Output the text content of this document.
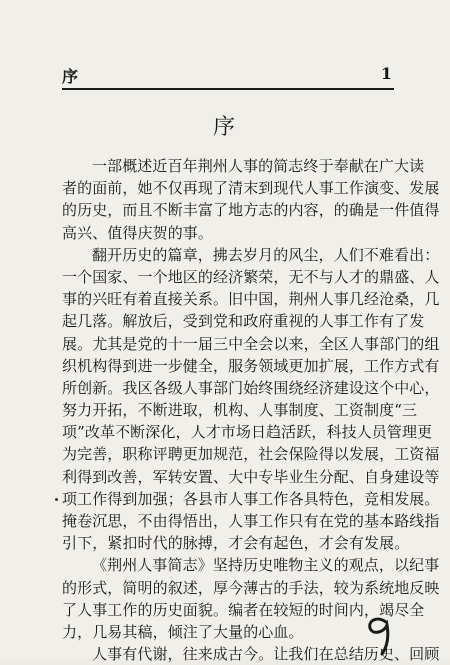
序	1
序
一部概述近百年荆州人事的简志终于奉献在广大读
者的面前，她不仅再现了清末到现代人事工作演变、发展
的历史，而且不断丰富了地方志的内容，的确是一件值得
高兴、值得庆贺的事。
翻开历史的篇章，拂去岁月的风尘，人们不难看出：
一个国家、一个地区的经济繁荣，无不与人才的鼎盛、人
事的兴旺有着直接关系。旧中国，荆州人事几经沧桑，几
起几落。解放后，受到党和政府重视的人事工作有了发
展。尤其是党的十一届三中全会以来，全区人事部门的组
织机构得到进一步健全，服务领域更加扩展，工作方式有
所创新。我区各级人事部门始终围绕经济建设这个中心，
努力开拓，不断进取，机构、人事制度、工资制度“三
项”改革不断深化，人才市场日趋活跃，科技人员管理更
为完善，职称评聘更加规范，社会保险得以发展，工资福
利得到改善，军转安置、大中专毕业生分配、自身建设等
项工作得到加强；各县市人事工作各具特色，竞相发展。
掩卷沉思，不由得悟出，人事工作只有在党的基本路线指
引下，紧扣时代的脉搏，才会有起色，才会有发展。
《荆州人事简志》坚持历史唯物主义的观点，以纪事
的形式，简明的叙述，厚今薄古的手法，较为系统地反映
了人事工作的历史面貌。编者在较短的时间内，竭尽全
力，几易其稿，倾注了大量的心血。
人事有代谢，往来成古今。让我们在总结历史、回顾
